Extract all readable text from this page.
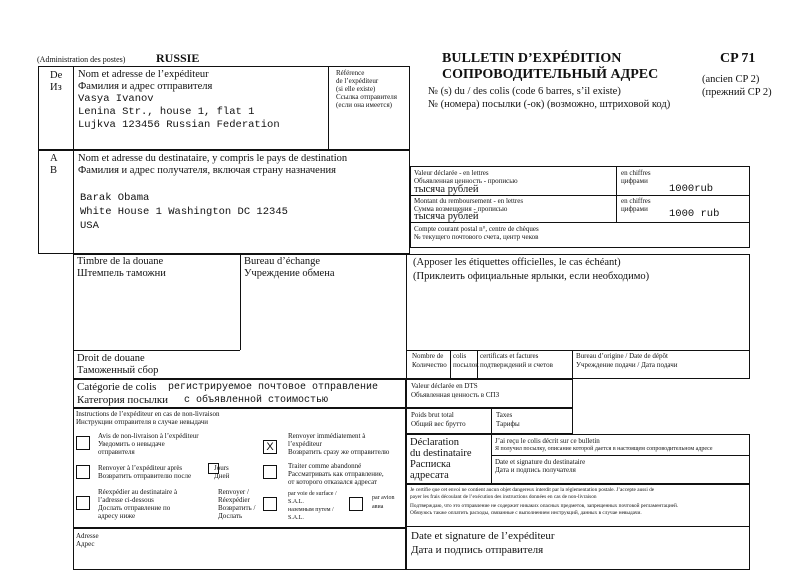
(Administration des postes)	RUSSIE	BULLETIN D’EXPÉDITION
СОПРОВОДИТЕЛЬНЫЙ АДРЕС
CP 71
(ancien CP 2)
(прежний CP 2)
№ (s) du / des colis (code 6 barres, s’il existe)
№ (номера) посылки (-ок) (возможно, штриховой код)
De
Из
Nom et adresse de l’expéditeur
Фамилия и адрес отправителя
Vasya Ivanov
Lenina Str., house 1, flat 1
Lujkva 123456 Russian Federation
Référence
de l’expéditeur
(si elle existe)
Ссылка отправителя
(если она имеется)
A
В
Nom et adresse du destinataire, y compris le pays de destination
Фамилия и адрес получателя, включая страну назначения
Barak Obama
White House 1 Washington DC 12345
USA
Valeur déclarée - en lettres
Объявленная ценность - прописью
тысяча рублей
en chiffres
цифрами
1000rub
Montant du remboursement - en lettres
Сумма возмещения - прописью
тысяча рублей
en chiffres
цифрами 1000 rub
Compte courant postal n°, centre de chèques
№ текущего почтового счета, центр чеков
Timbre de la douane
Штемпель таможни
Bureau d’échange
Учреждение обмена
(Apposer les étiquettes officielles, le cas échéant)
(Приклеить официальные ярлыки, если необходимо)
Droit de douane
Таможенный сбор
Nombre de
Количество
colis
посылок
certificats et factures
подтверждений и счетов
Bureau d’origine / Date de dépôt
Учреждение подачи / Дата подачи
Catégorie de colis регистрируемое почтовое отправление
Категория посылки с объявленной стоимостью
Valeur déclarée en DTS
Объявленная ценность в СПЗ
Instructions de l’expéditeur en cas de non-livraison
Инструкции отправителя в случае невыдачи
Avis de non-livraison à l’expéditeur
Уведомить о невыдаче
отправителя
Renvoyer à l’expéditeur après
Возвратить отправителю после
Jours
Дней
Réexpédier au destinataire à
l’adresse ci-dessous
Дослать отправление по
адресу ниже
X
Renvoyer immédiatement à
l’expéditeur
Возвратить сразу же отправителю
Traiter comme abandonné
Рассматривать как отправление,
от которого отказался адресат
Renvoyer /
Réexpédier
Возвратить /
Дослать
par voie de surface /
S.A.L.
наземным путем /
S.A.L.
par avion
авиа
Adresse
Адрес
Poids brut total
Общий вес брутто
Taxes
Тарифы
Déclaration
du destinataire
Расписка
адресата
J’ai reçu le colis décrit sur ce bulletin
Я получил посылку, описание которой дается в настоящем сопроводительном адресе
Date et signature du destinataire
Дата и подпись получателя
Je certifie que cet envoi ne contient aucun objet dangereux interdit par la réglementation postale. J’accepte aussi de
payer les frais découlant de l’exécution des instructions données en cas de non-livraison
Подтверждаю, что это отправление не содержит никаких опасных предметов, запрещенных почтовой регламентацией.
Обязуюсь также оплатить расходы, связанные с выполнением инструкций, данных в случае невыдачи.
Date et signature de l’expéditeur
Дата и подпись отправителя
